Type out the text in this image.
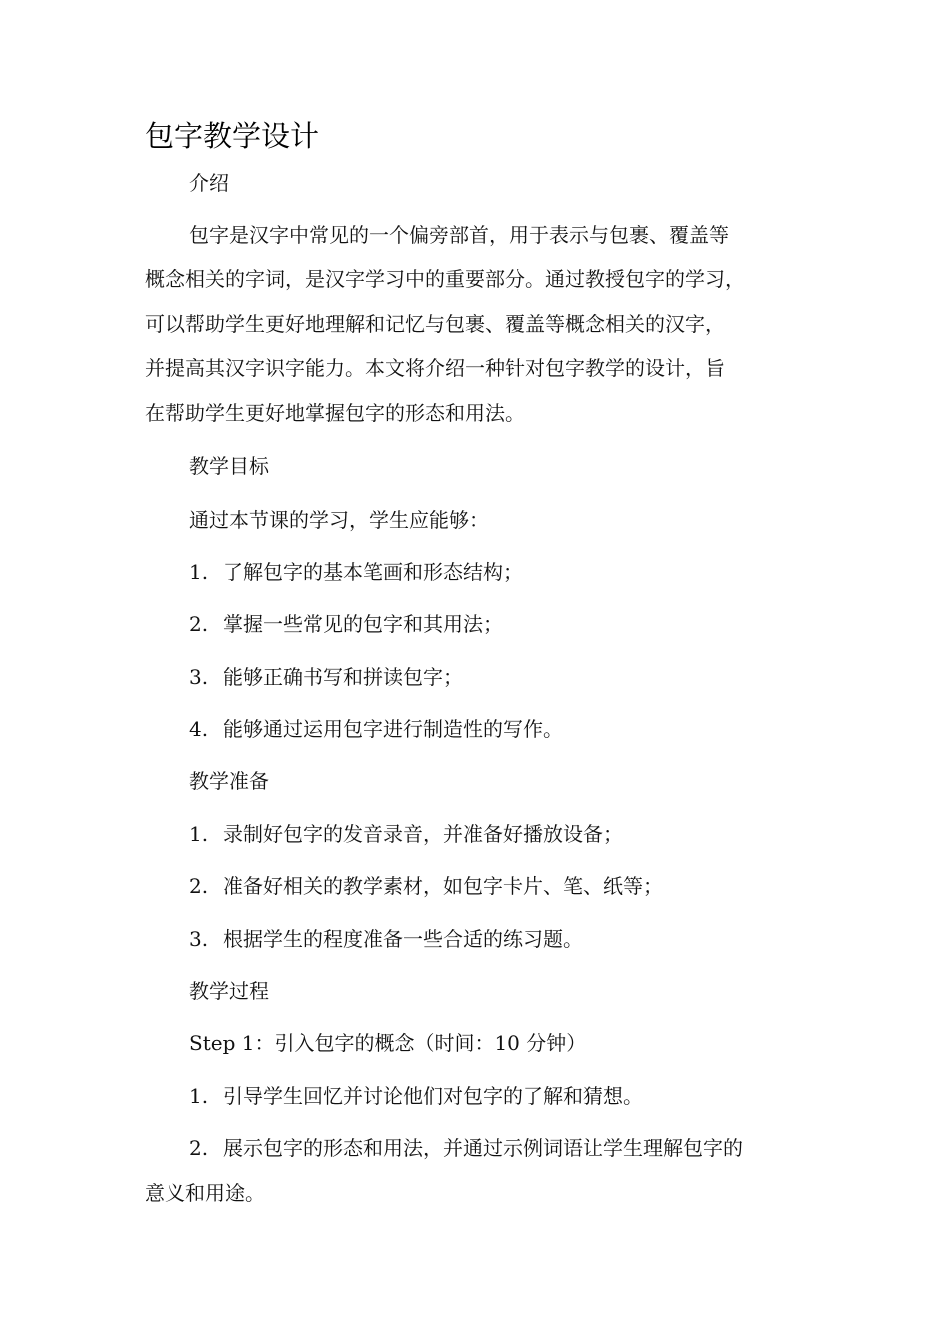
包字教学设计

介绍

包字是汉字中常见的一个偏旁部首，用于表示与包裹、覆盖等

概念相关的字词，是汉字学习中的重要部分。通过教授包字的学习，

可以帮助学生更好地理解和记忆与包裹、覆盖等概念相关的汉字，

并提高其汉字识字能力。本文将介绍一种针对包字教学的设计，旨

在帮助学生更好地掌握包字的形态和用法。

教学目标

通过本节课的学习，学生应能够：

1. 了解包字的基本笔画和形态结构；

2. 掌握一些常见的包字和其用法；

3. 能够正确书写和拼读包字；

4. 能够通过运用包字进行制造性的写作。

教学准备

1. 录制好包字的发音录音，并准备好播放设备；

2. 准备好相关的教学素材，如包字卡片、笔、纸等；

3. 根据学生的程度准备一些合适的练习题。

教学过程

Step 1：引入包字的概念（时间：10 分钟）

1. 引导学生回忆并讨论他们对包字的了解和猜想。

2. 展示包字的形态和用法，并通过示例词语让学生理解包字的

意义和用途。
